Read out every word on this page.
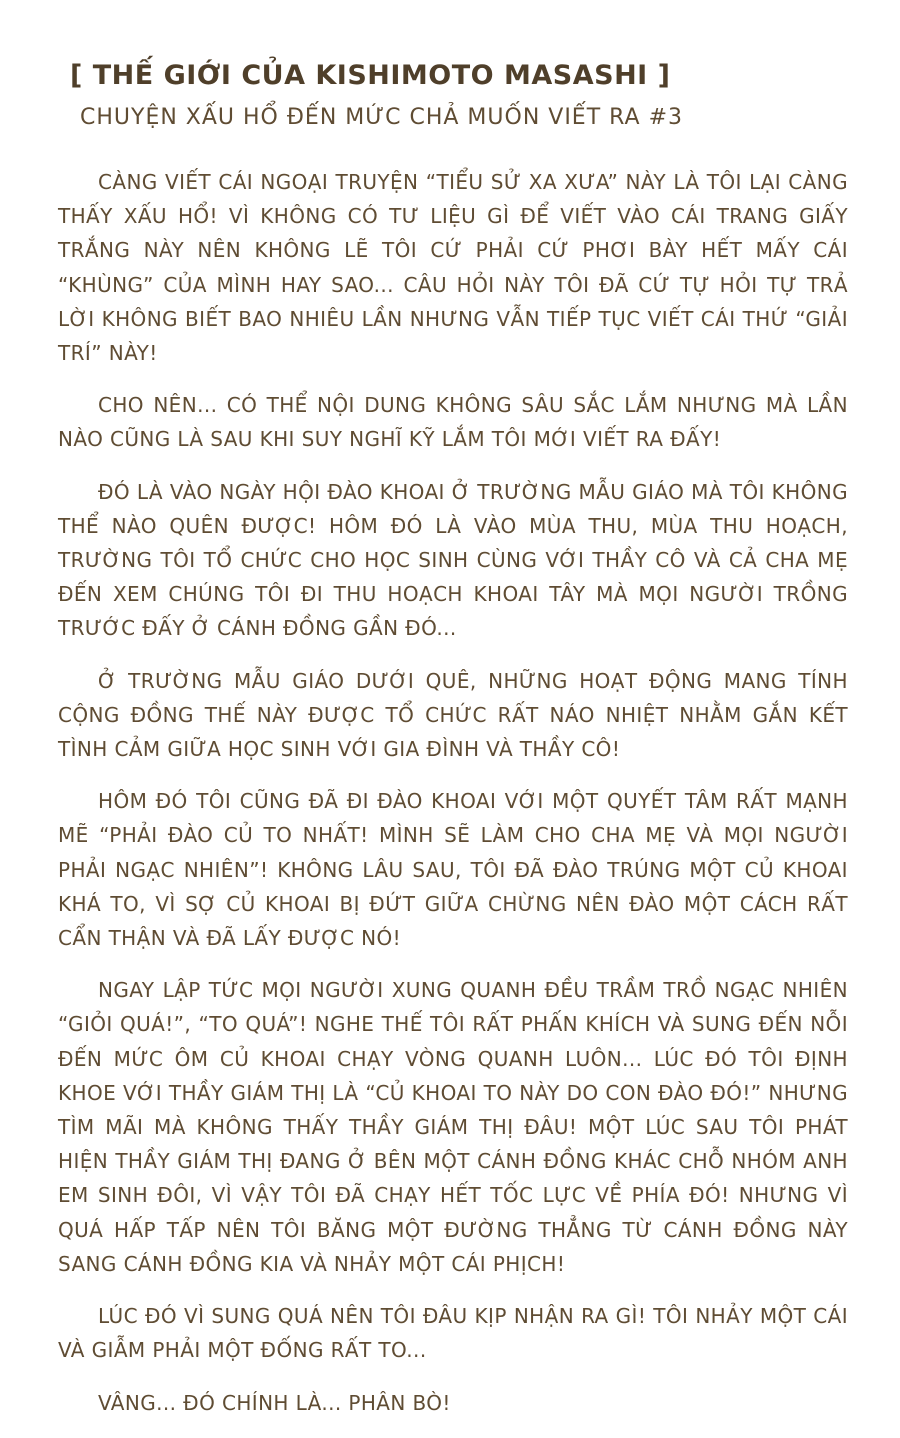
[ THẾ GIỚI CỦA KISHIMOTO MASASHI ]
CHUYỆN XẤU HỔ ĐẾN MỨC CHẢ MUỐN VIẾT RA #3

CÀNG VIẾT CÁI NGOẠI TRUYỆN “TIỂU SỬ XA XƯA” NÀY LÀ TÔI LẠI CÀNG THẤY XẤU HỔ! VÌ KHÔNG CÓ TƯ LIỆU GÌ ĐỂ VIẾT VÀO CÁI TRANG GIẤY TRẮNG NÀY NÊN KHÔNG LẼ TÔI CỨ PHẢI CỨ PHƠI BÀY HẾT MẤY CÁI “KHÙNG” CỦA MÌNH HAY SAO... CÂU HỎI NÀY TÔI ĐÃ CỨ TỰ HỎI TỰ TRẢ LỜI KHÔNG BIẾT BAO NHIÊU LẦN NHƯNG VẪN TIẾP TỤC VIẾT CÁI THỨ “GIẢI TRÍ” NÀY!

CHO NÊN... CÓ THỂ NỘI DUNG KHÔNG SÂU SẮC LẮM NHƯNG MÀ LẦN NÀO CŨNG LÀ SAU KHI SUY NGHĨ KỸ LẮM TÔI MỚI VIẾT RA ĐẤY!

ĐÓ LÀ VÀO NGÀY HỘI ĐÀO KHOAI Ở TRƯỜNG MẪU GIÁO MÀ TÔI KHÔNG THỂ NÀO QUÊN ĐƯỢC! HÔM ĐÓ LÀ VÀO MÙA THU, MÙA THU HOẠCH, TRƯỜNG TÔI TỔ CHỨC CHO HỌC SINH CÙNG VỚI THẦY CÔ VÀ CẢ CHA MẸ ĐẾN XEM CHÚNG TÔI ĐI THU HOẠCH KHOAI TÂY MÀ MỌI NGƯỜI TRỒNG TRƯỚC ĐẤY Ở CÁNH ĐỒNG GẦN ĐÓ...

Ở TRƯỜNG MẪU GIÁO DƯỚI QUÊ, NHỮNG HOẠT ĐỘNG MANG TÍNH CỘNG ĐỒNG THẾ NÀY ĐƯỢC TỔ CHỨC RẤT NÁO NHIỆT NHẰM GẮN KẾT TÌNH CẢM GIỮA HỌC SINH VỚI GIA ĐÌNH VÀ THẦY CÔ!

HÔM ĐÓ TÔI CŨNG ĐÃ ĐI ĐÀO KHOAI VỚI MỘT QUYẾT TÂM RẤT MẠNH MẼ “PHẢI ĐÀO CỦ TO NHẤT! MÌNH SẼ LÀM CHO CHA MẸ VÀ MỌI NGƯỜI PHẢI NGẠC NHIÊN”! KHÔNG LÂU SAU, TÔI ĐÃ ĐÀO TRÚNG MỘT CỦ KHOAI KHÁ TO, VÌ SỢ CỦ KHOAI BỊ ĐỨT GIỮA CHỪNG NÊN ĐÀO MỘT CÁCH RẤT CẨN THẬN VÀ ĐÃ LẤY ĐƯỢC NÓ!

NGAY LẬP TỨC MỌI NGƯỜI XUNG QUANH ĐỀU TRẦM TRỒ NGẠC NHIÊN “GIỎI QUÁ!”, “TO QUÁ”! NGHE THẾ TÔI RẤT PHẤN KHÍCH VÀ SUNG ĐẾN NỖI ĐẾN MỨC ÔM CỦ KHOAI CHẠY VÒNG QUANH LUÔN... LÚC ĐÓ TÔI ĐỊNH KHOE VỚI THẦY GIÁM THỊ LÀ “CỦ KHOAI TO NÀY DO CON ĐÀO ĐÓ!” NHƯNG TÌM MÃI MÀ KHÔNG THẤY THẦY GIÁM THỊ ĐÂU! MỘT LÚC SAU TÔI PHÁT HIỆN THẦY GIÁM THỊ ĐANG Ở BÊN MỘT CÁNH ĐỒNG KHÁC CHỖ NHÓM ANH EM SINH ĐÔI, VÌ VẬY TÔI ĐÃ CHẠY HẾT TỐC LỰC VỀ PHÍA ĐÓ! NHƯNG VÌ QUÁ HẤP TẤP NÊN TÔI BĂNG MỘT ĐƯỜNG THẲNG TỪ CÁNH ĐỒNG NÀY SANG CÁNH ĐỒNG KIA VÀ NHẢY MỘT CÁI PHỊCH!

LÚC ĐÓ VÌ SUNG QUÁ NÊN TÔI ĐÂU KỊP NHẬN RA GÌ! TÔI NHẢY MỘT CÁI VÀ GIẪM PHẢI MỘT ĐỐNG RẤT TO...

VÂNG... ĐÓ CHÍNH LÀ... PHÂN BÒ!
